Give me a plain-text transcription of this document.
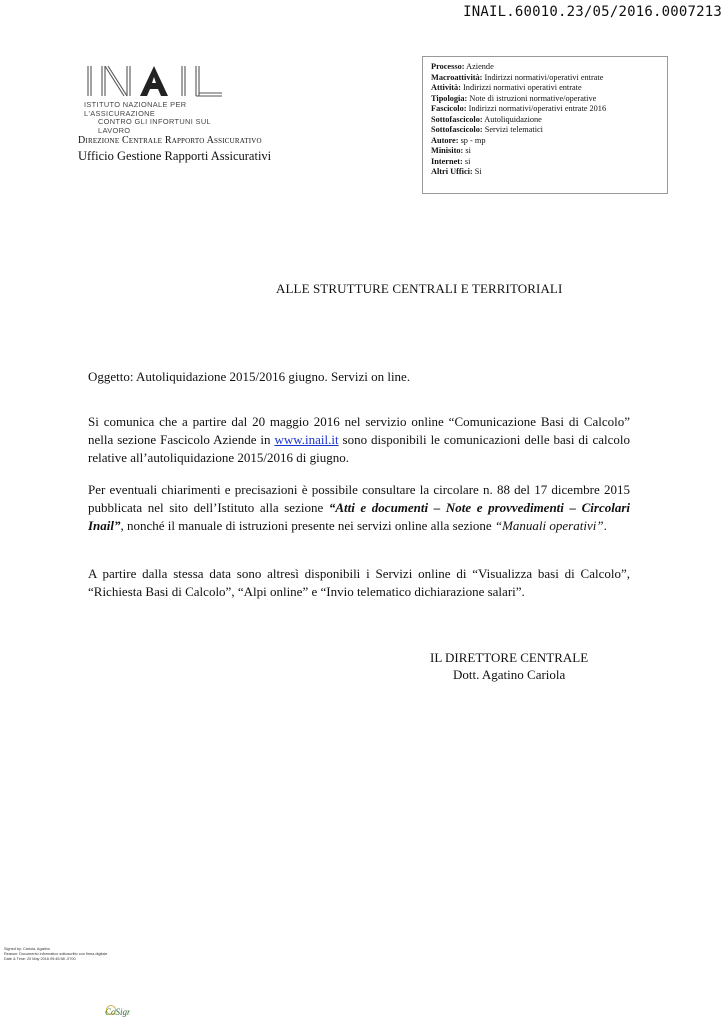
INAIL.60010.23/05/2016.0007213
ISTITUTO NAZIONALE PER L'ASSICURAZIONE
CONTRO GLI INFORTUNI SUL LAVORO
Direzione Centrale Rapporto Assicurativo
Ufficio Gestione Rapporti Assicurativi
Processo: Aziende
Macroattività: Indirizzi normativi/operativi entrate
Attività: Indirizzi normativi operativi entrate
Tipologia: Note di istruzioni normative/operative
Fascicolo: Indirizzi normativi/operativi entrate 2016
Sottofascicolo: Autoliquidazione
Sottofascicolo: Servizi telematici
Autore: sp - mp
Minisito: si
Internet: si
Altri Uffici: Si
ALLE STRUTTURE CENTRALI E TERRITORIALI
Oggetto: Autoliquidazione 2015/2016 giugno. Servizi on line.
Si comunica che a partire dal 20 maggio 2016 nel servizio online “Comunicazione Basi di Calcolo” nella sezione Fascicolo Aziende in www.inail.it sono disponibili le comunicazioni delle basi di calcolo relative all’autoliquidazione 2015/2016 di giugno.
Per eventuali chiarimenti e precisazioni è possibile consultare la circolare n. 88 del 17 dicembre 2015 pubblicata nel sito dell’Istituto alla sezione “Atti e documenti – Note e provvedimenti – Circolari Inail”, nonché il manuale di istruzioni presente nei servizi online alla sezione “Manuali operativi”.
A partire dalla stessa data sono altresì disponibili i Servizi online di “Visualizza basi di Calcolo”, “Richiesta Basi di Calcolo”, “Alpi online” e “Invio telematico dichiarazione salari”.
IL DIRETTORE CENTRALE
Dott. Agatino Cariola
Signed by: Cariola, Agatino
Reason: Documento informatico sottoscritto con firma digitale
Date & Time: 20 May 2016 09:45:58 -0700
CoSign
